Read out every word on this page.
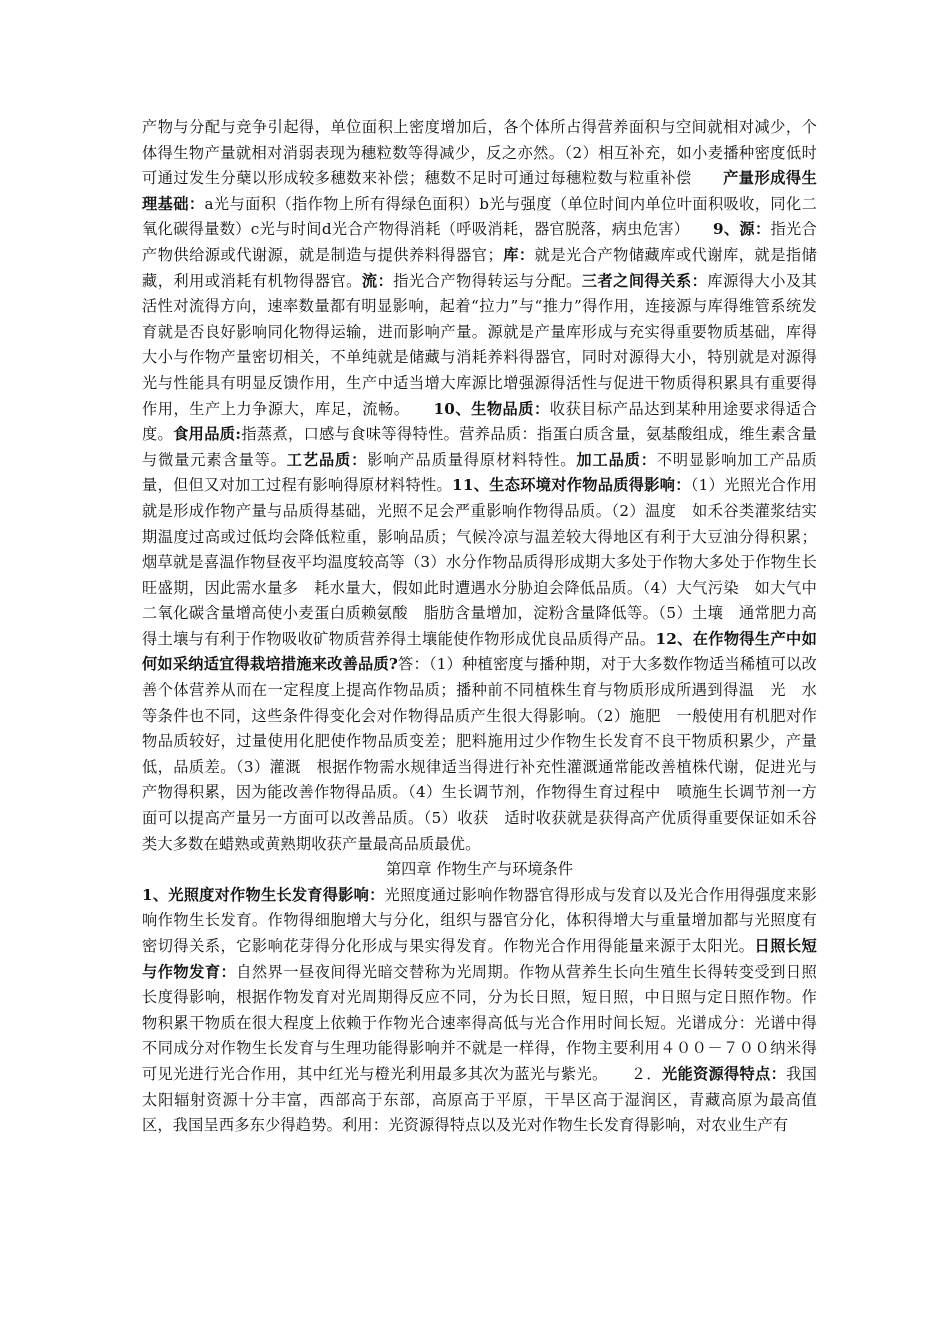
产物与分配与竞争引起得，单位面积上密度增加后，各个体所占得营养面积与空间就相对减少，个体得生物产量就相对消弱表现为穗粒数等得减少，反之亦然。（2）相互补充，如小麦播种密度低时可通过发生分蘖以形成较多穗数来补偿；穗数不足时可通过每穗粒数与粒重补偿　　产量形成得生理基础：a光与面积（指作物上所有得绿色面积）b光与强度（单位时间内单位叶面积吸收，同化二氧化碳得量数）c光与时间d光合产物得消耗（呼吸消耗，器官脱落，病虫危害）　　9、源：指光合产物供给源或代谢源，就是制造与提供养料得器官；库：就是光合产物储藏库或代谢库，就是指储藏，利用或消耗有机物得器官。流：指光合产物得转运与分配。三者之间得关系：库源得大小及其活性对流得方向，速率数量都有明显影响，起着“拉力”与“推力”得作用，连接源与库得维管系统发育就是否良好影响同化物得运输，进而影响产量。源就是产量库形成与充实得重要物质基础，库得大小与作物产量密切相关，不单纯就是储藏与消耗养料得器官，同时对源得大小，特别就是对源得光与性能具有明显反馈作用，生产中适当增大库源比增强源得活性与促进干物质得积累具有重要得作用，生产上力争源大，库足，流畅。　　10、生物品质：收获目标产品达到某种用途要求得适合度。食用品质:指蒸煮，口感与食味等得特性。营养品质：指蛋白质含量，氨基酸组成，维生素含量与微量元素含量等。工艺品质：影响产品质量得原材料特性。加工品质：不明显影响加工产品质量，但但又对加工过程有影响得原材料特性。11、生态环境对作物品质得影响：（1）光照光合作用就是形成作物产量与品质得基础，光照不足会严重影响作物得品质。（2）温度　如禾谷类灌浆结实期温度过高或过低均会降低粒重，影响品质；气候冷凉与温差较大得地区有利于大豆油分得积累；烟草就是喜温作物昼夜平均温度较高等（3）水分作物品质得形成期大多处于作物大多处于作物生长旺盛期，因此需水量多　耗水量大，假如此时遭遇水分胁迫会降低品质。（4）大气污染　如大气中二氧化碳含量增高使小麦蛋白质赖氨酸　脂肪含量增加，淀粉含量降低等。（5）土壤　通常肥力高得土壤与有利于作物吸收矿物质营养得土壤能使作物形成优良品质得产品。12、在作物得生产中如何如采纳适宜得栽培措施来改善品质?答：（1）种植密度与播种期，对于大多数作物适当稀植可以改善个体营养从而在一定程度上提高作物品质；播种前不同植株生育与物质形成所遇到得温　光　水等条件也不同，这些条件得变化会对作物得品质产生很大得影响。（2）施肥　一般使用有机肥对作物品质较好，过量使用化肥使作物品质变差；肥料施用过少作物生长发育不良干物质积累少，产量低，品质差。（3）灌溉　根据作物需水规律适当得进行补充性灌溉通常能改善植株代谢，促进光与产物得积累，因为能改善作物得品质。（4）生长调节剂，作物得生育过程中　喷施生长调节剂一方面可以提高产量另一方面可以改善品质。（5）收获　适时收获就是获得高产优质得重要保证如禾谷类大多数在蜡熟或黄熟期收获产量最高品质最优。

第四章 作物生产与环境条件

1、光照度对作物生长发育得影响：光照度通过影响作物器官得形成与发育以及光合作用得强度来影响作物生长发育。作物得细胞增大与分化，组织与器官分化，体积得增大与重量增加都与光照度有密切得关系，它影响花芽得分化形成与果实得发育。作物光合作用得能量来源于太阳光。日照长短与作物发育：自然界一昼夜间得光暗交替称为光周期。作物从营养生长向生殖生长得转变受到日照长度得影响，根据作物发育对光周期得反应不同，分为长日照，短日照，中日照与定日照作物。作物积累干物质在很大程度上依赖于作物光合速率得高低与光合作用时间长短。光谱成分：光谱中得不同成分对作物生长发育与生理功能得影响并不就是一样得，作物主要利用４００－７００纳米得可见光进行光合作用，其中红光与橙光利用最多其次为蓝光与紫光。　　２．光能资源得特点：我国太阳辐射资源十分丰富，西部高于东部，高原高于平原，干旱区高于湿润区，青藏高原为最高值区，我国呈西多东少得趋势。利用：光资源得特点以及光对作物生长发育得影响，对农业生产有
